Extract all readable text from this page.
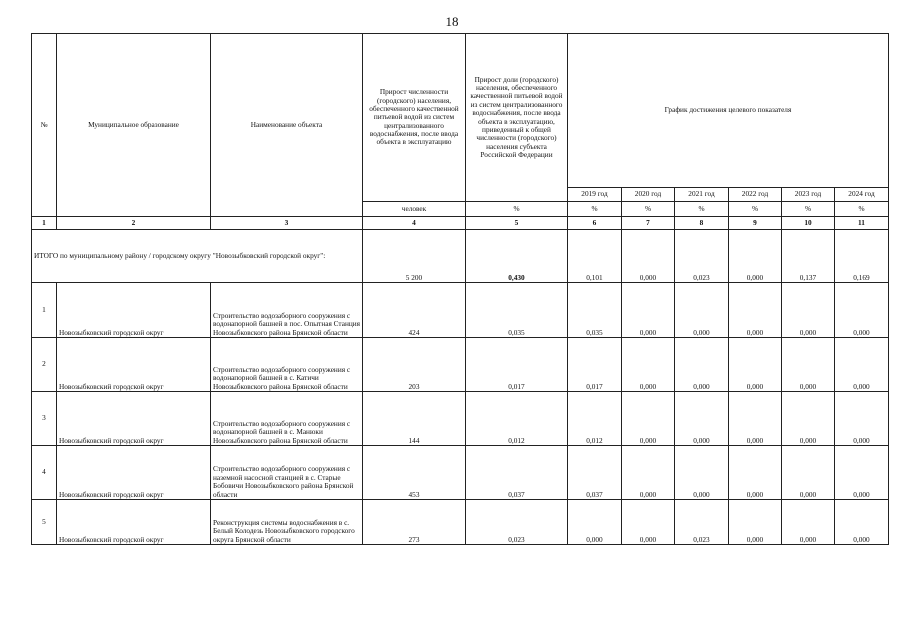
18
№	Муниципальное образование	Наименование объекта	Прирост численности (городского) населения, обеспеченного качественной питьевой водой из систем централизованного водоснабжения, после ввода объекта в эксплуатацию	Прирост доли (городского) населения, обеспеченного качественной питьевой водой из систем централизованного водоснабжения, после ввода объекта в эксплуатацию, приведенный к общей численности (городского) населения субъекта Российской Федерации	График достижения целевого показателя					
					2019 год	2020 год	2021 год	2022 год	2023 год	2024 год
			человек	%	%	%	%	%	%	%
1	2	3	4	5	6	7	8	9	10	11
ИТОГО по муниципальному району / городскому округу "Новозыбковский городской округ":			5 200	0,430	0,101	0,000	0,023	0,000	0,137	0,169
1	Новозыбковский городской округ	Строительство водозаборного сооружения с водонапорной башней в пос. Опытная Станция Новозыбковского района Брянской области	424	0,035	0,035	0,000	0,000	0,000	0,000	0,000
2	Новозыбковский городской округ	Строительство водозаборного сооружения с водонапорной башней в с. Катичи Новозыбковского района Брянской области	203	0,017	0,017	0,000	0,000	0,000	0,000	0,000
3	Новозыбковский городской округ	Строительство водозаборного сооружения с водонапорной башней в с. Манюки Новозыбковского района Брянской области	144	0,012	0,012	0,000	0,000	0,000	0,000	0,000
4	Новозыбковский городской округ	Строительство водозаборного сооружения с наземной насосной станцией в с. Старые Бобовичи Новозыбковского района Брянской области	453	0,037	0,037	0,000	0,000	0,000	0,000	0,000
5	Новозыбковский городской округ	Реконструкция системы водоснабжения в с. Белый Колодезь Новозыбковского городского округа Брянской области	273	0,023	0,000	0,000	0,023	0,000	0,000	0,000
